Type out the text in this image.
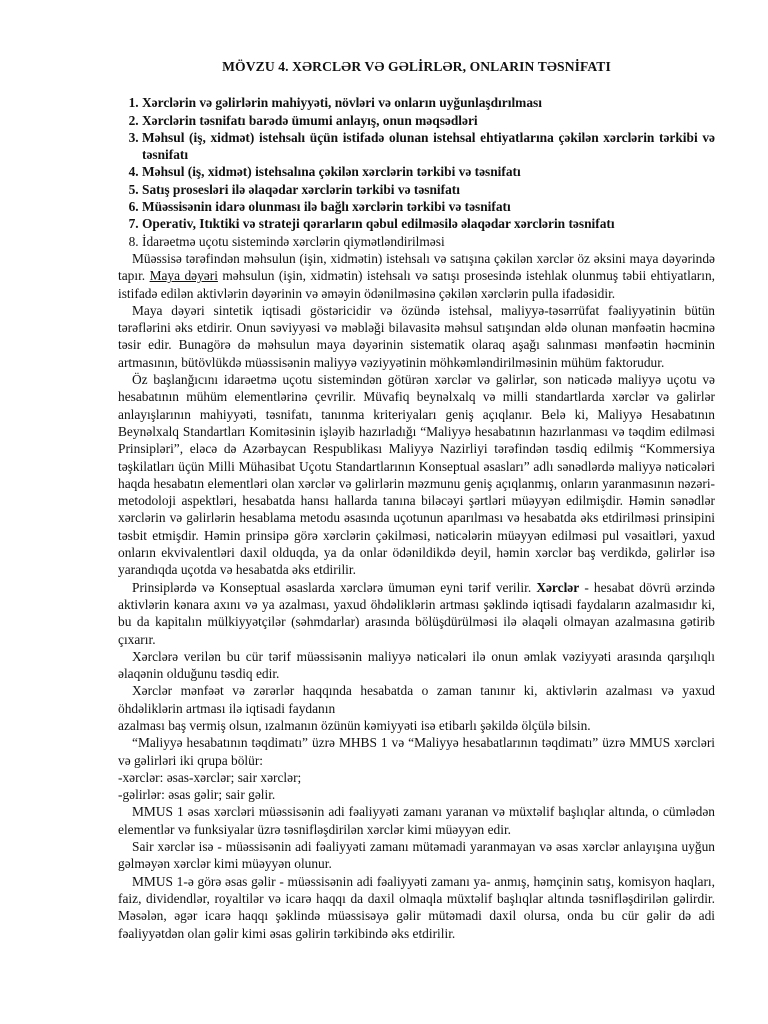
MÖVZU 4. XƏRCLƏR VƏ GƏLİRLƏR, ONLARIN TƏSNİFATI
1. Xərclərin və gəlirlərin mahiyyəti, növləri və onların uyğunlaşdırılması
2. Xərclərin təsnifatı barədə ümumi anlayış, onun məqsədləri
3. Məhsul (iş, xidmət) istehsalı üçün istifadə olunan istehsal ehtiyatlarına çəkilən xərclərin tərkibi və təsnifatı
4. Məhsul (iş, xidmət) istehsalına çəkilən xərclərin tərkibi və təsnifatı
5. Satış prosesləri ilə əlaqədar xərclərin tərkibi və təsnifatı
6. Müəssisənin idarə olunması ilə bağlı xərclərin tərkibi və təsnifatı
7. Operativ, Itıktiki və strateji qərarların qəbul edilməsilə əlaqədar xərclərin təsnifatı
8. İdarəetmə uçotu sistemində xərclərin qiymətləndirilməsi

Müəssisə tərəfindən məhsulun (işin, xidmətin) istehsalı və satışına çəkilən xərclər öz əksini maya dəyərində tapır. Maya dəyəri məhsulun (işin, xidmətin) istehsalı və satışı prosesində istehlak olunmuş təbii ehtiyatların, istifadə edilən aktivlərin dəyərinin və əməyin ödənilməsinə çəkilən xərclərin pulla ifadəsidir.

Maya dəyəri sintetik iqtisadi göstəricidir və özündə istehsal, maliyyə-təsərrüfat fəaliyyətinin bütün tərəflərini əks etdirir. Onun səviyyəsi və məbləği bilavasitə məhsul satışından əldə olunan mənfəətin həcminə təsir edir. Bunagörə də məhsulun maya dəyərinin sistematik olaraq aşağı salınması mənfəətin həcminin artmasının, bütövlükdə müəssisənin maliyyə vəziyyətinin möhkəmləndirilməsinin mühüm faktorudur.

Öz başlanğıcını idarəetmə uçotu sistemindən götürən xərclər və gəlirlər, son nəticədə maliyyə uçotu və hesabatının mühüm elementlərinə çevrilir. Müvafiq beynəlxalq və milli standartlarda xərclər və gəlirlər anlayışlarının mahiyyəti, təsnifatı, tanınma kriteriyaları geniş açıqlanır. Belə ki, Maliyyə Hesabatının Beynəlxalq Standartları Komitəsinin işləyib hazırladığı “Maliyyə hesabatının hazırlanması və təqdim edilməsi Prinsipləri”, eləcə də Azərbaycan Respublikası Maliyyə Nazirliyi tərəfindən təsdiq edilmiş “Kommersiya təşkilatları üçün Milli Mühasibat Uçotu Standartlarının Konseptual əsasları” adlı sənədlərdə maliyyə nəticələri haqda hesabatın elementləri olan xərclər və gəlirlərin məzmunu geniş açıqlanmış, onların yaranmasının nəzəri-metodoloji aspektləri, hesabatda hansı hallarda tanına biləcəyi şərtləri müəyyən edilmişdir. Həmin sənədlər xərclərin və gəlirlərin hesablama metodu əsasında uçotunun aparılması və hesabatda əks etdirilməsi prinsipini təsbit etmişdir. Həmin prinsipə görə xərclərin çəkilməsi, nəticələrin müəyyən edilməsi pul vəsaitləri, yaxud onların ekvivalentləri daxil olduqda, ya da onlar ödənildikdə deyil, həmin xərclər baş verdikdə, gəlirlər isə yarandıqda uçotda və hesabatda əks etdirilir.

Prinsiplərdə və Konseptual əsaslarda xərclərə ümumən eyni tərif verilir. Xərclər - hesabat dövrü ərzində aktivlərin kənara axını və ya azalması, yaxud öhdəliklərin artması şəklində iqtisadi faydaların azalmasıdır ki, bu da kapitalın mülkiyyətçilər (səhmdarlar) arasında bölüşdürülməsi ilə əlaqəli olmayan azalmasına gətirib çıxarır.

Xərclərə verilən bu cür tərif müəssisənin maliyyə nəticələri ilə onun əmlak vəziyyəti arasında qarşılıqlı əlaqənin olduğunu təsdiq edir.

Xərclər mənfəət və zərərlər haqqında hesabatda o zaman tanınır ki, aktivlərin azalması və yaxud öhdəliklərin artması ilə iqtisadi faydanın

azalması baş vermiş olsun, ızalmanın özünün kəmiyyəti isə etibarlı şəkildə ölçülə bilsin.

“Maliyyə hesabatının təqdimatı” üzrə MHBS 1 və “Maliyyə hesabatlarının təqdimatı” üzrə MMUS xərcləri və gəlirləri iki qrupa bölür:

-xərclər: əsas-xərclər; sair xərclər;

-gəlirlər: əsas gəlir; sair gəlir.

MMUS 1 əsas xərcləri müəssisənin adi fəaliyyəti zamanı yaranan və müxtəlif başlıqlar altında, o cümlədən elementlər və funksiyalar üzrə təsnifləşdirilən xərclər kimi müəyyən edir.

Sair xərclər isə - müəssisənin adi fəaliyyəti zamanı mütəmadi yaranmayan və əsas xərclər anlayışına uyğun gəlməyən xərclər kimi müəyyən olunur.

MMUS 1-ə görə əsas gəlir - müəssisənin adi fəaliyyəti zamanı ya- anmış, həmçinin satış, komisyon haqları, faiz, dividendlər, royaltilər və icarə haqqı da daxil olmaqla müxtəlif başlıqlar altında təsnifləşdirilən gəlirdir. Məsələn, əgər icarə haqqı şəklində müəssisəyə gəlir mütəmadi daxil olursa, onda bu cür gəlir də adi fəaliyyətdən olan gəlir kimi əsas gəlirin tərkibində əks etdirilir.
